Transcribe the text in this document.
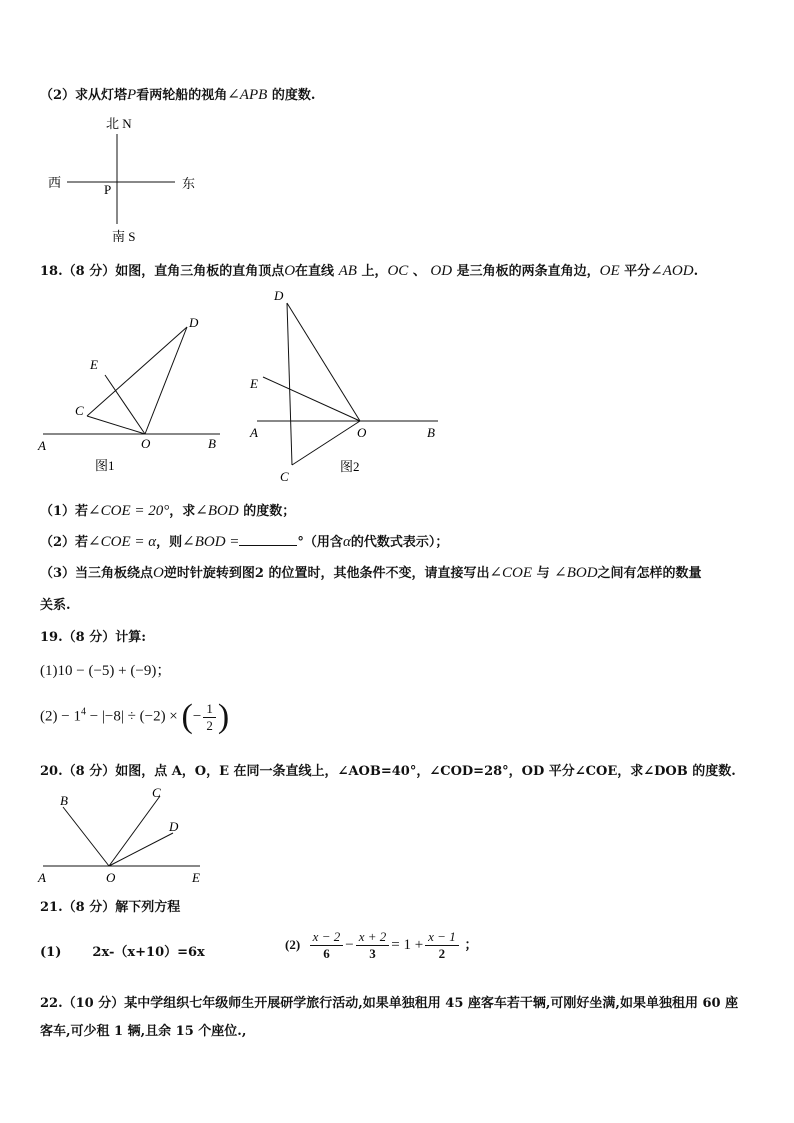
（2）求从灯塔P看两轮船的视角∠APB 的度数.
北 N
南 S
西	东
P
18.（8 分）如图，直角三角板的直角顶点O在直线 AB 上，OC 、 OD 是三角板的两条直角边，OE 平分∠AOD.
D
E
C
A	O	B
图1
D
E
A	O	B
C
图2
（1）若∠COE = 20°，求∠BOD 的度数；
（2）若∠COE = α，则∠BOD =	°（用含α的代数式表示）；
（3）当三角板绕点O逆时针旋转到图2 的位置时，其他条件不变，请直接写出∠COE 与 ∠BOD之间有怎样的数量
关系.
19.（8 分）计算:
(1)10 − (−5) + (−9)；
$(2) - 1^4 - |-8| \div (-2)$ × (− $\frac{1}{2}$ )
20.（8 分）如图，点 A，O，E 在同一条直线上，∠AOB=40°，∠COD=28°，OD 平分∠COE，求∠DOB 的度数.
B
C
D
A	O	E
21.（8 分）解下列方程
(1) 2x-（x+10）=6x
$(2) \frac{x - 2}{6} - \frac{x + 2}{3} = 1 + \frac{x - 1}{2}$ ；
22.（10 分）某中学组织七年级师生开展研学旅行活动,如果单独租用 45 座客车若干辆,可刚好坐满,如果单独租用 60 座
客车,可少租 1 辆,且余 15 个座位.,
